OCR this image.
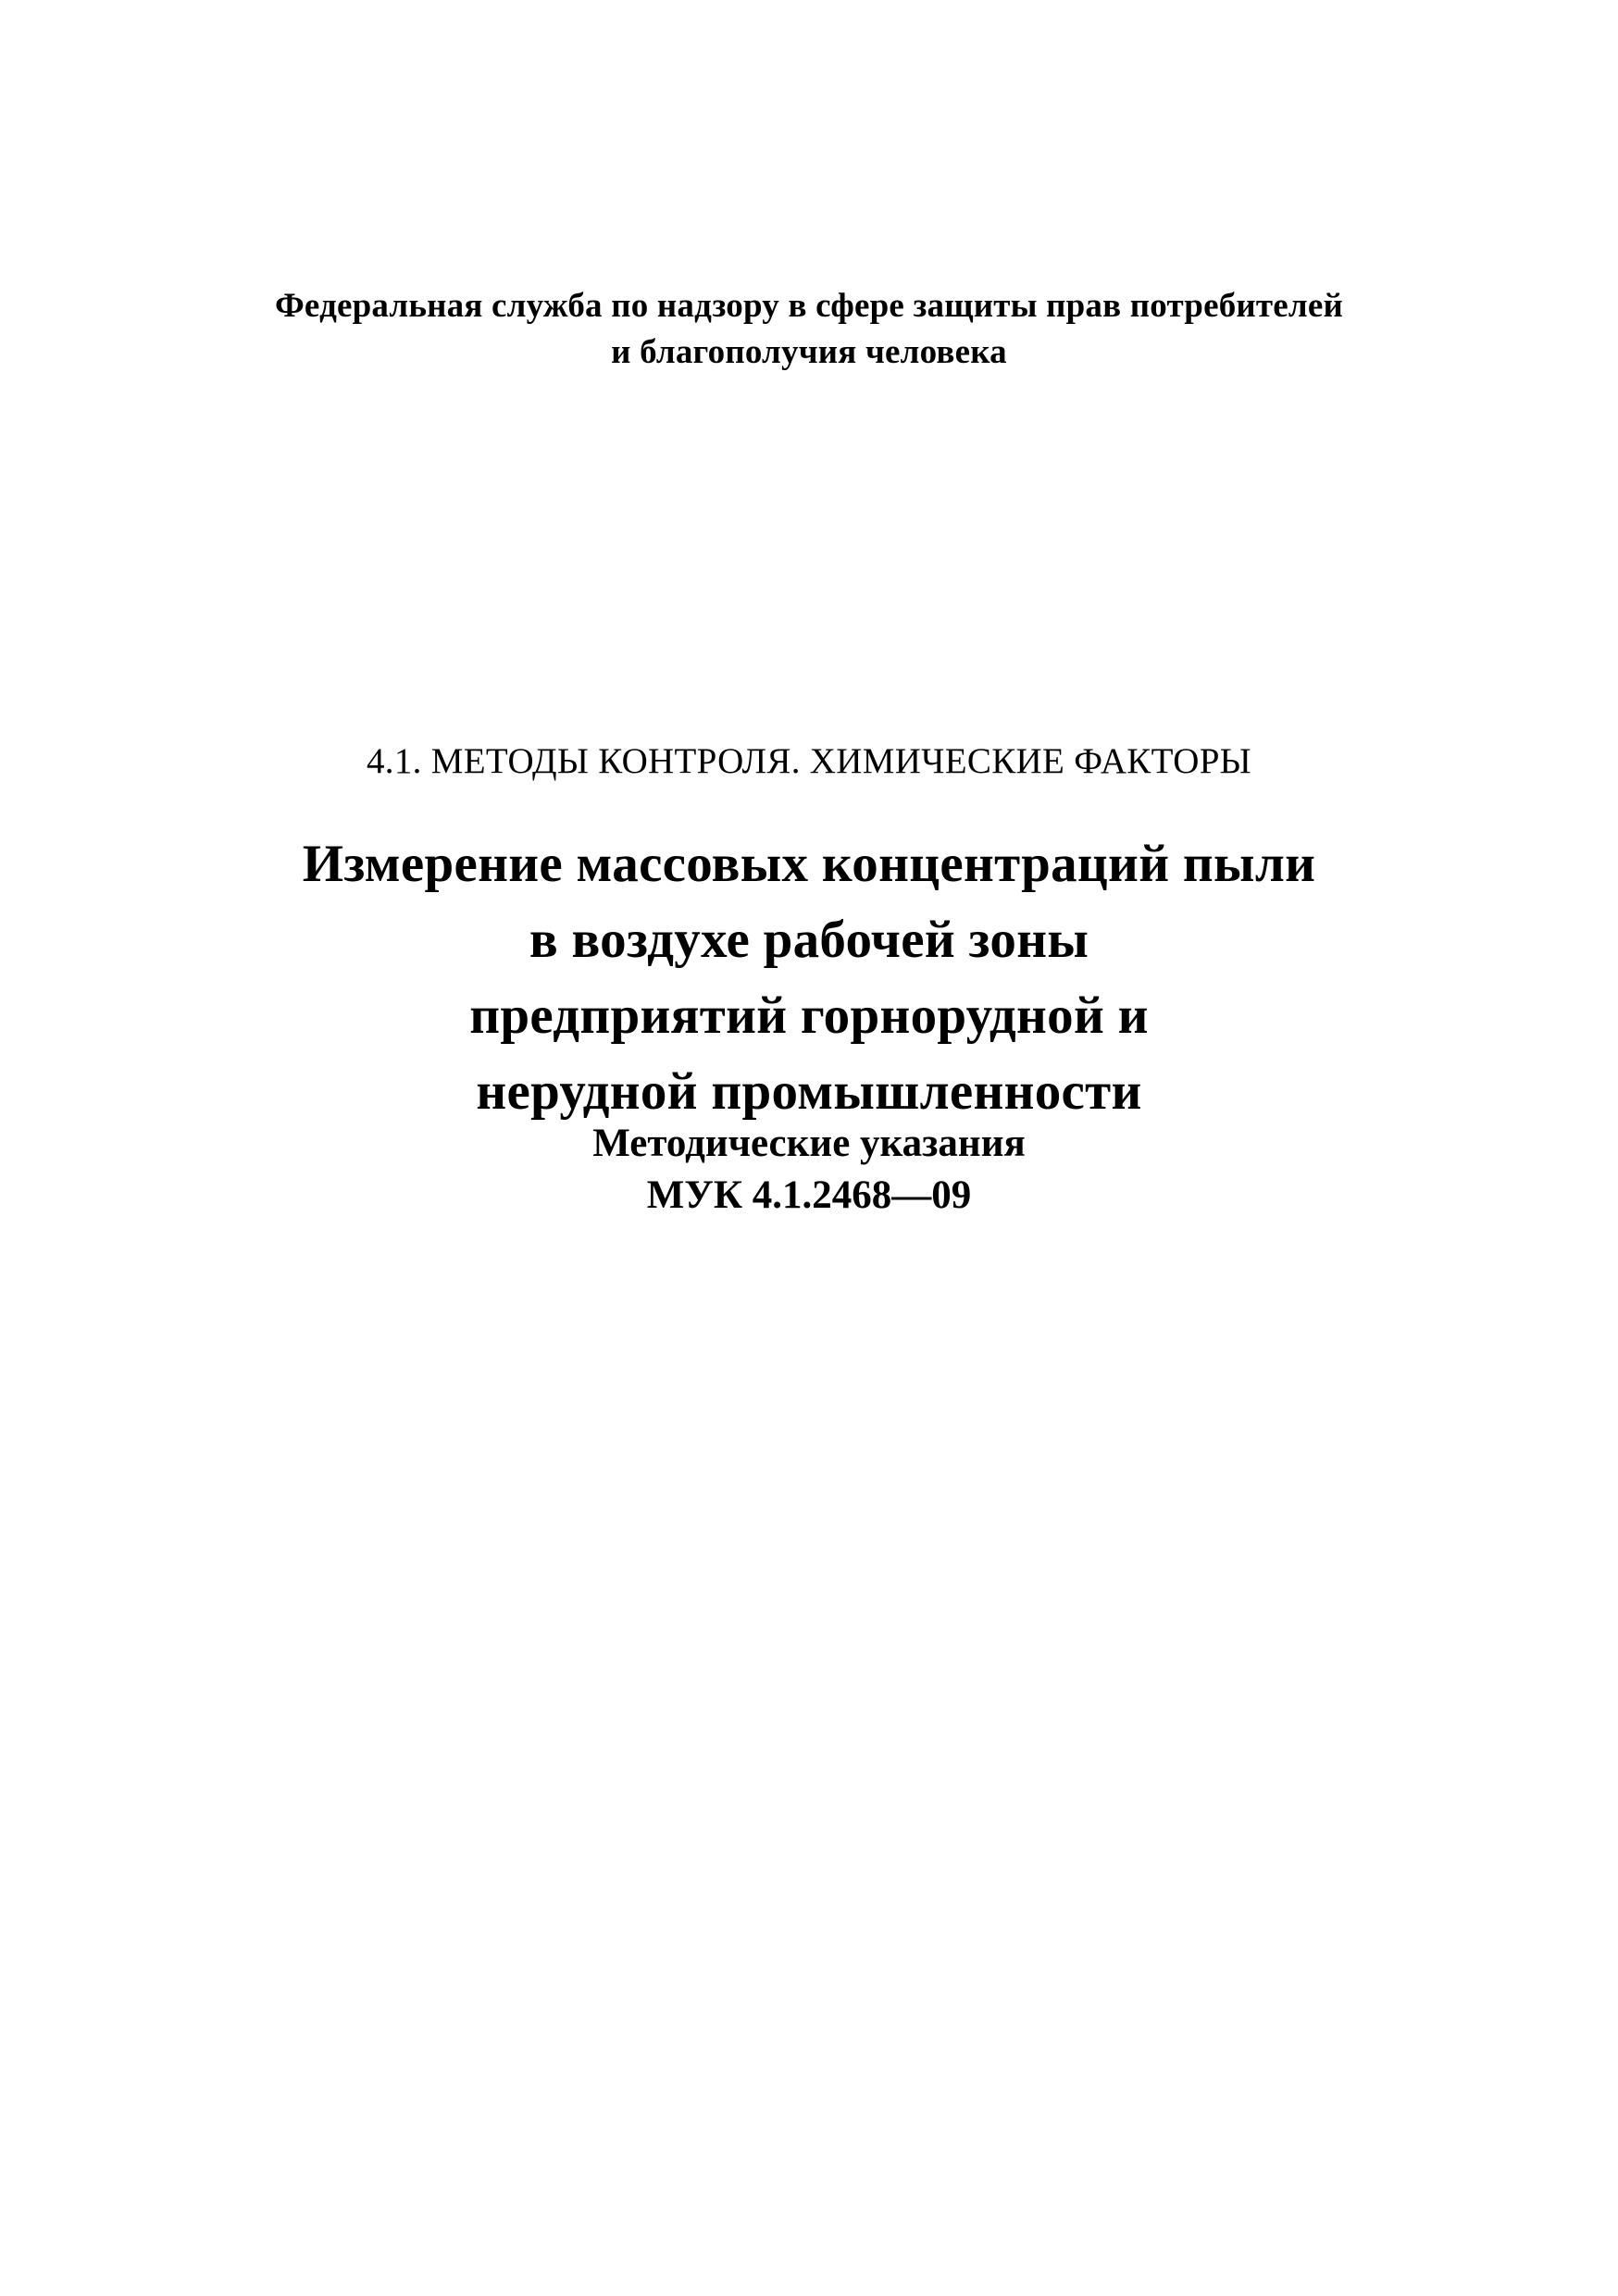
Федеральная служба по надзору в сфере защиты прав потребителей
и благополучия человека
4.1. МЕТОДЫ КОНТРОЛЯ. ХИМИЧЕСКИЕ ФАКТОРЫ
Измерение массовых концентраций пыли
в воздухе рабочей зоны
предприятий горнорудной и
нерудной промышленности
Методические указания
МУК 4.1.2468—09
